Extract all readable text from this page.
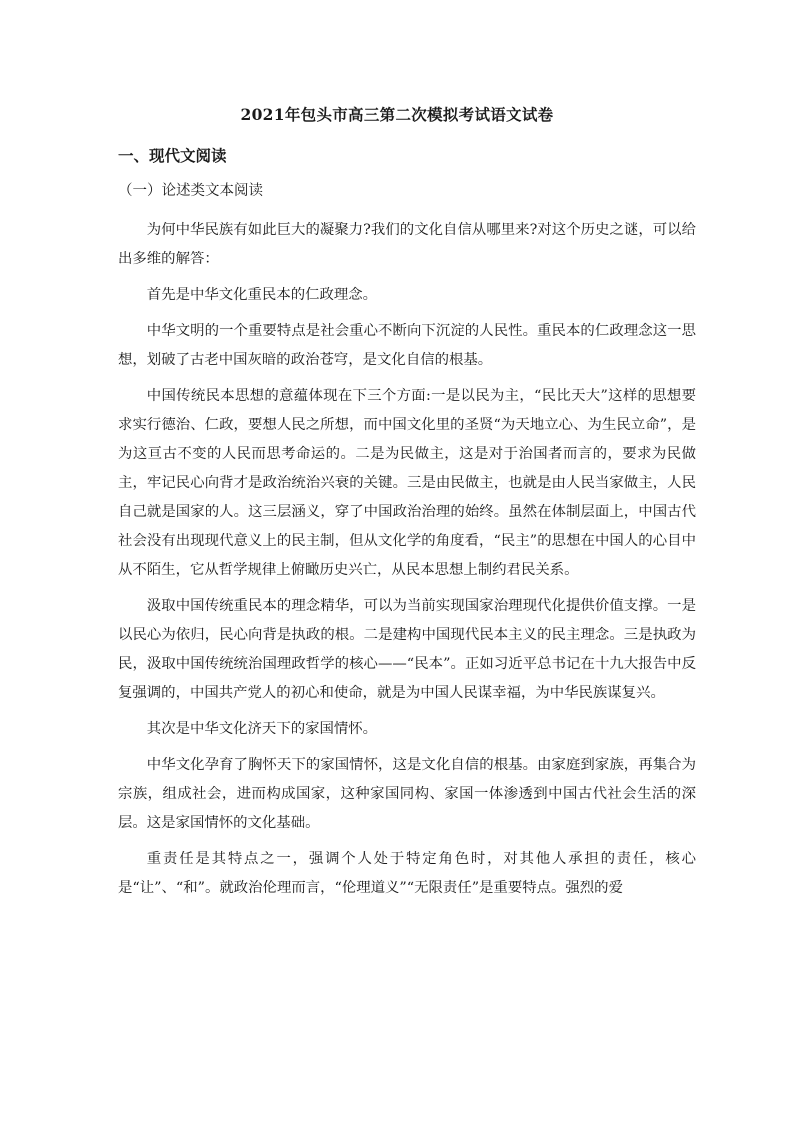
2021年包头市高三第二次模拟考试语文试卷
一、现代文阅读
（一）论述类文本阅读

为何中华民族有如此巨大的凝聚力?我们的文化自信从哪里来?对这个历史之谜，可以给出多维的解答：

首先是中华文化重民本的仁政理念。

中华文明的一个重要特点是社会重心不断向下沉淀的人民性。重民本的仁政理念这一思想，划破了古老中国灰暗的政治苍穹，是文化自信的根基。

中国传统民本思想的意蕴体现在下三个方面:一是以民为主，“民比天大”这样的思想要求实行德治、仁政，要想人民之所想，而中国文化里的圣贤“为天地立心、为生民立命”，是为这亘古不变的人民而思考命运的。二是为民做主，这是对于治国者而言的，要求为民做主，牢记民心向背才是政治统治兴衰的关键。三是由民做主，也就是由人民当家做主，人民自己就是国家的人。这三层涵义，穿了中国政治治理的始终。虽然在体制层面上，中国古代社会没有出现现代意义上的民主制，但从文化学的角度看，“民主”的思想在中国人的心目中从不陌生，它从哲学规律上俯瞰历史兴亡，从民本思想上制约君民关系。

汲取中国传统重民本的理念精华，可以为当前实现国家治理现代化提供价值支撑。一是以民心为依归，民心向背是执政的根。二是建构中国现代民本主义的民主理念。三是执政为民，汲取中国传统统治国理政哲学的核心——“民本”。正如习近平总书记在十九大报告中反复强调的，中国共产党人的初心和使命，就是为中国人民谋幸福，为中华民族谋复兴。

其次是中华文化济天下的家国情怀。

中华文化孕育了胸怀天下的家国情怀，这是文化自信的根基。由家庭到家族，再集合为宗族，组成社会，进而构成国家，这种家国同构、家国一体渗透到中国古代社会生活的深层。这是家国情怀的文化基础。

重责任是其特点之一，强调个人处于特定角色时，对其他人承担的责任，核心是“让”、“和”。就政治伦理而言，“伦理道义”“无限责任”是重要特点。强烈的爱
